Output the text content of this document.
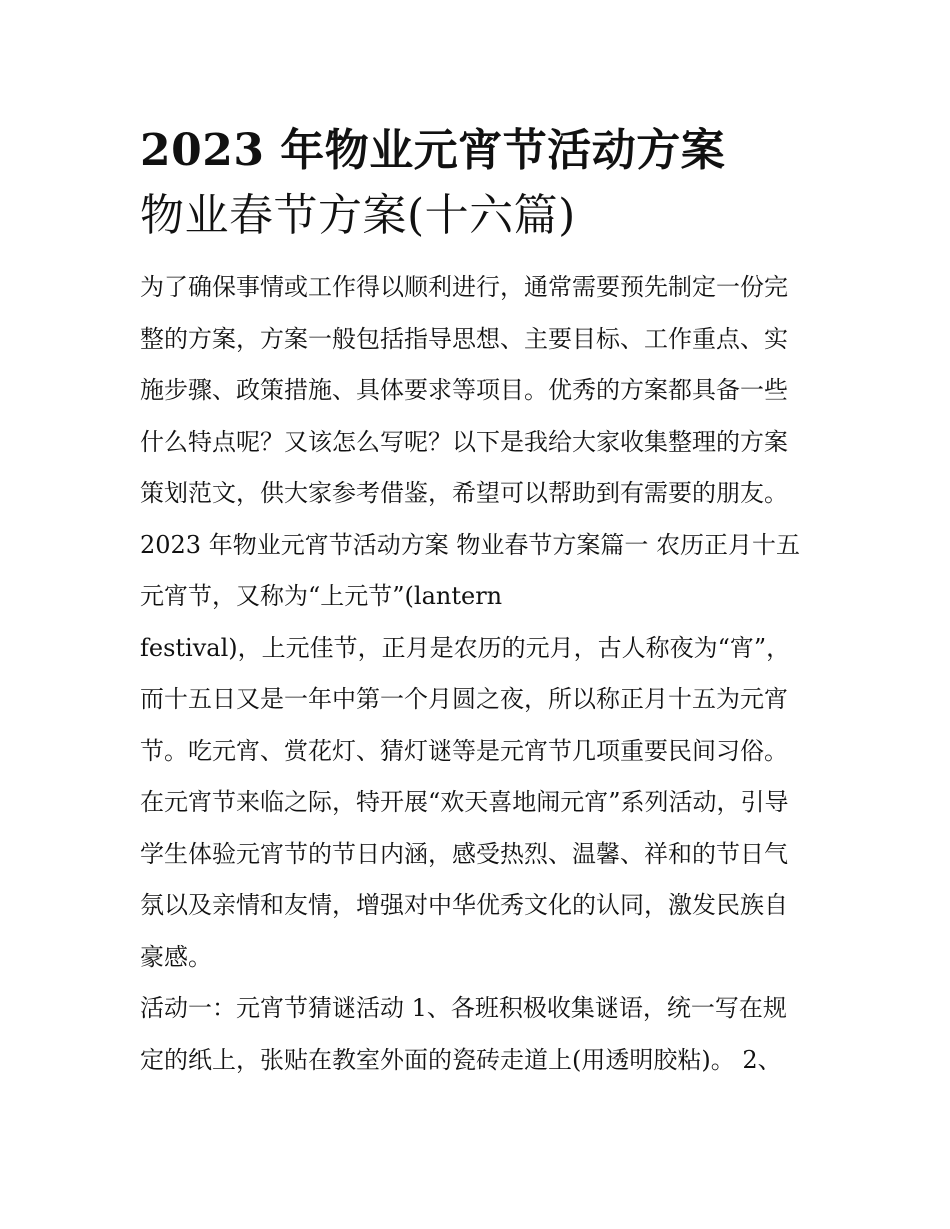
2023 年物业元宵节活动方案
物业春节方案(十六篇)

为了确保事情或工作得以顺利进行，通常需要预先制定一份完
整的方案，方案一般包括指导思想、主要目标、工作重点、实
施步骤、政策措施、具体要求等项目。优秀的方案都具备一些
什么特点呢？又该怎么写呢？以下是我给大家收集整理的方案
策划范文，供大家参考借鉴，希望可以帮助到有需要的朋友。

2023 年物业元宵节活动方案 物业春节方案篇一 农历正月十五
元宵节，又称为“上元节”(lantern
festival)，上元佳节，正月是农历的元月，古人称夜为“宵”，
而十五日又是一年中第一个月圆之夜，所以称正月十五为元宵
节。吃元宵、赏花灯、猜灯谜等是元宵节几项重要民间习俗。
在元宵节来临之际，特开展“欢天喜地闹元宵”系列活动，引导
学生体验元宵节的节日内涵，感受热烈、温馨、祥和的节日气
氛以及亲情和友情，增强对中华优秀文化的认同，激发民族自
豪感。

活动一：元宵节猜谜活动 1、各班积极收集谜语，统一写在规
定的纸上，张贴在教室外面的瓷砖走道上(用透明胶粘)。 2、
